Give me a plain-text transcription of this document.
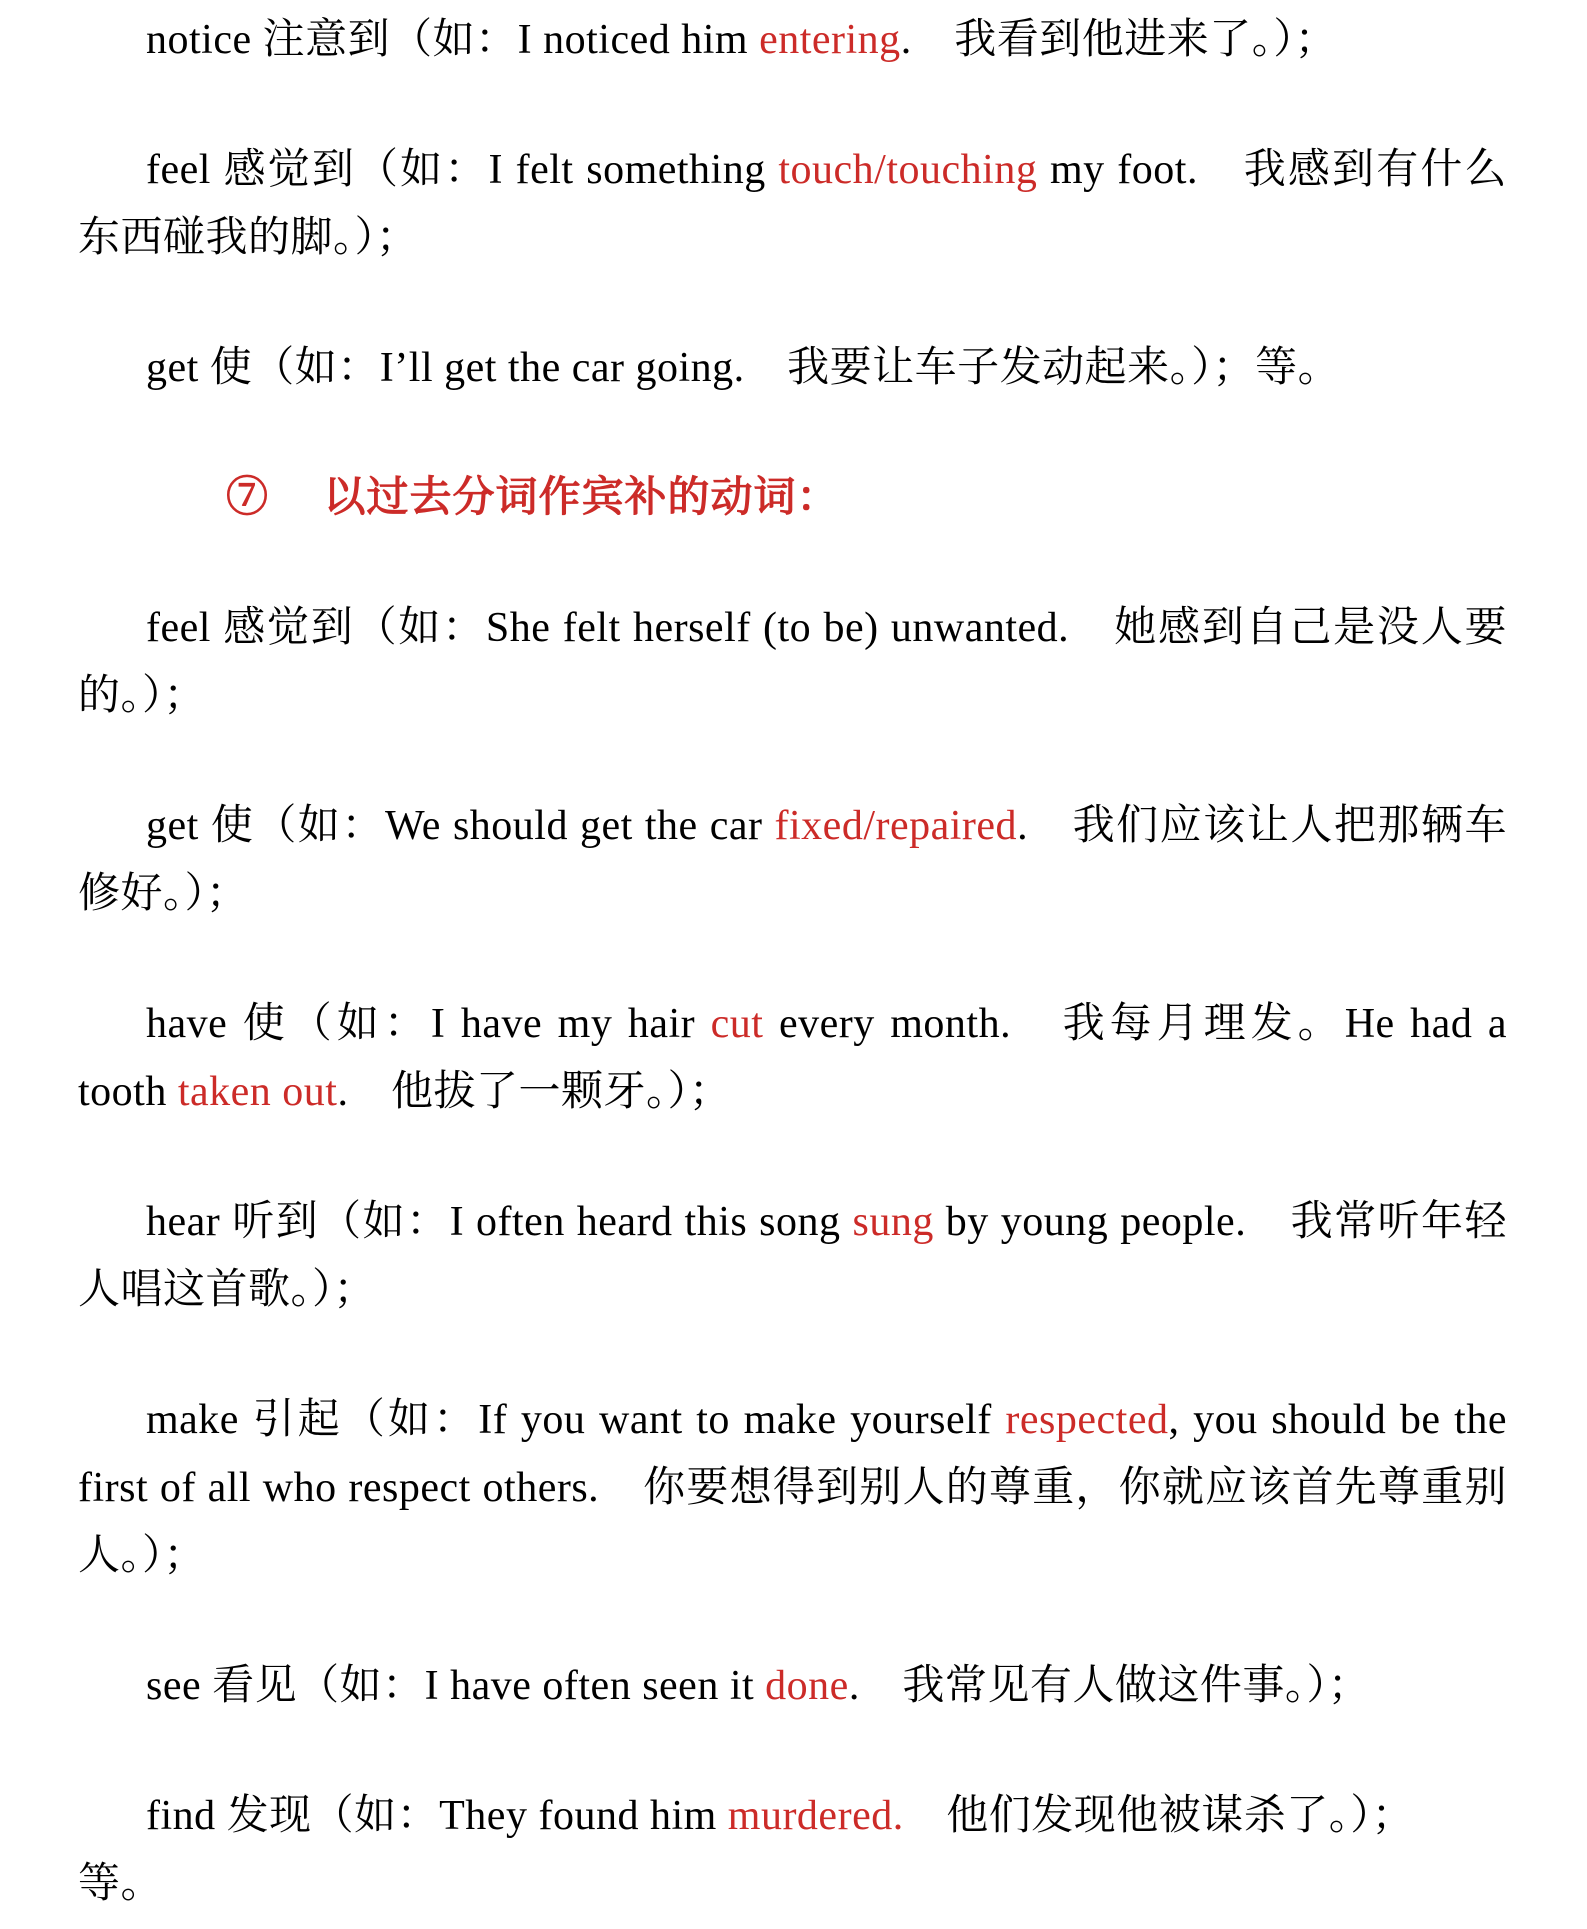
notice 注意到（如：I noticed him entering.　我看到他进来了。）；

feel 感觉到（如：I felt something touch/touching my foot.　我感到有什么东西碰我的脚。）；

get 使（如：I’ll get the car going.　我要让车子发动起来。）；等。

⑦　 以过去分词作宾补的动词：

feel 感觉到（如：She felt herself (to be) unwanted.　她感到自己是没人要的。）；

get 使（如：We should get the car fixed/repaired.　我们应该让人把那辆车修好。）；

have 使（如：I have my hair cut every month.　我每月理发。He had a tooth taken out.　他拔了一颗牙。）；

hear 听到（如：I often heard this song sung by young people.　我常听年轻人唱这首歌。）；

make 引起（如：If you want to make yourself respected, you should be the first of all who respect others.　你要想得到别人的尊重，你就应该首先尊重别人。）；

see 看见（如：I have often seen it done.　我常见有人做这件事。）；

find 发现（如：They found him murdered.　他们发现他被谋杀了。）；

等。
